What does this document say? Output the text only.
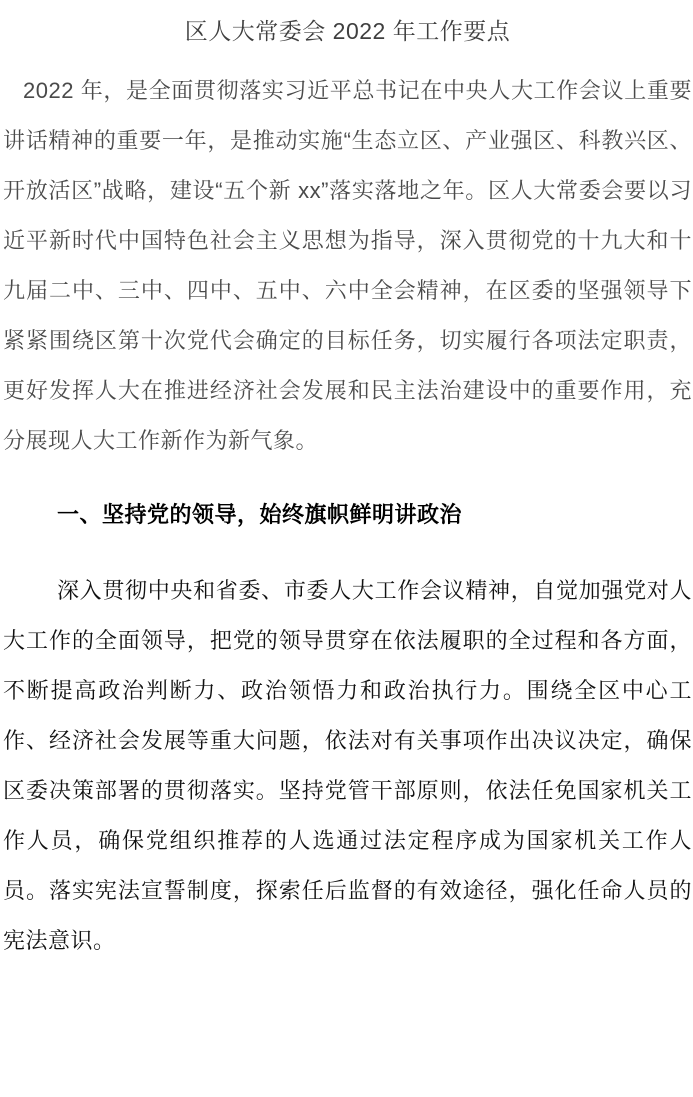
区人大常委会 2022 年工作要点

2022 年，是全面贯彻落实习近平总书记在中央人大工作会议上重要讲话精神的重要一年，是推动实施“生态立区、产业强区、科教兴区、开放活区”战略，建设“五个新 xx”落实落地之年。区人大常委会要以习近平新时代中国特色社会主义思想为指导，深入贯彻党的十九大和十九届二中、三中、四中、五中、六中全会精神，在区委的坚强领导下紧紧围绕区第十次党代会确定的目标任务，切实履行各项法定职责，更好发挥人大在推进经济社会发展和民主法治建设中的重要作用，充分展现人大工作新作为新气象。

一、坚持党的领导，始终旗帜鲜明讲政治

深入贯彻中央和省委、市委人大工作会议精神，自觉加强党对人大工作的全面领导，把党的领导贯穿在依法履职的全过程和各方面，不断提高政治判断力、政治领悟力和政治执行力。围绕全区中心工作、经济社会发展等重大问题，依法对有关事项作出决议决定，确保区委决策部署的贯彻落实。坚持党管干部原则，依法任免国家机关工作人员，确保党组织推荐的人选通过法定程序成为国家机关工作人员。落实宪法宣誓制度，探索任后监督的有效途径，强化任命人员的宪法意识。
